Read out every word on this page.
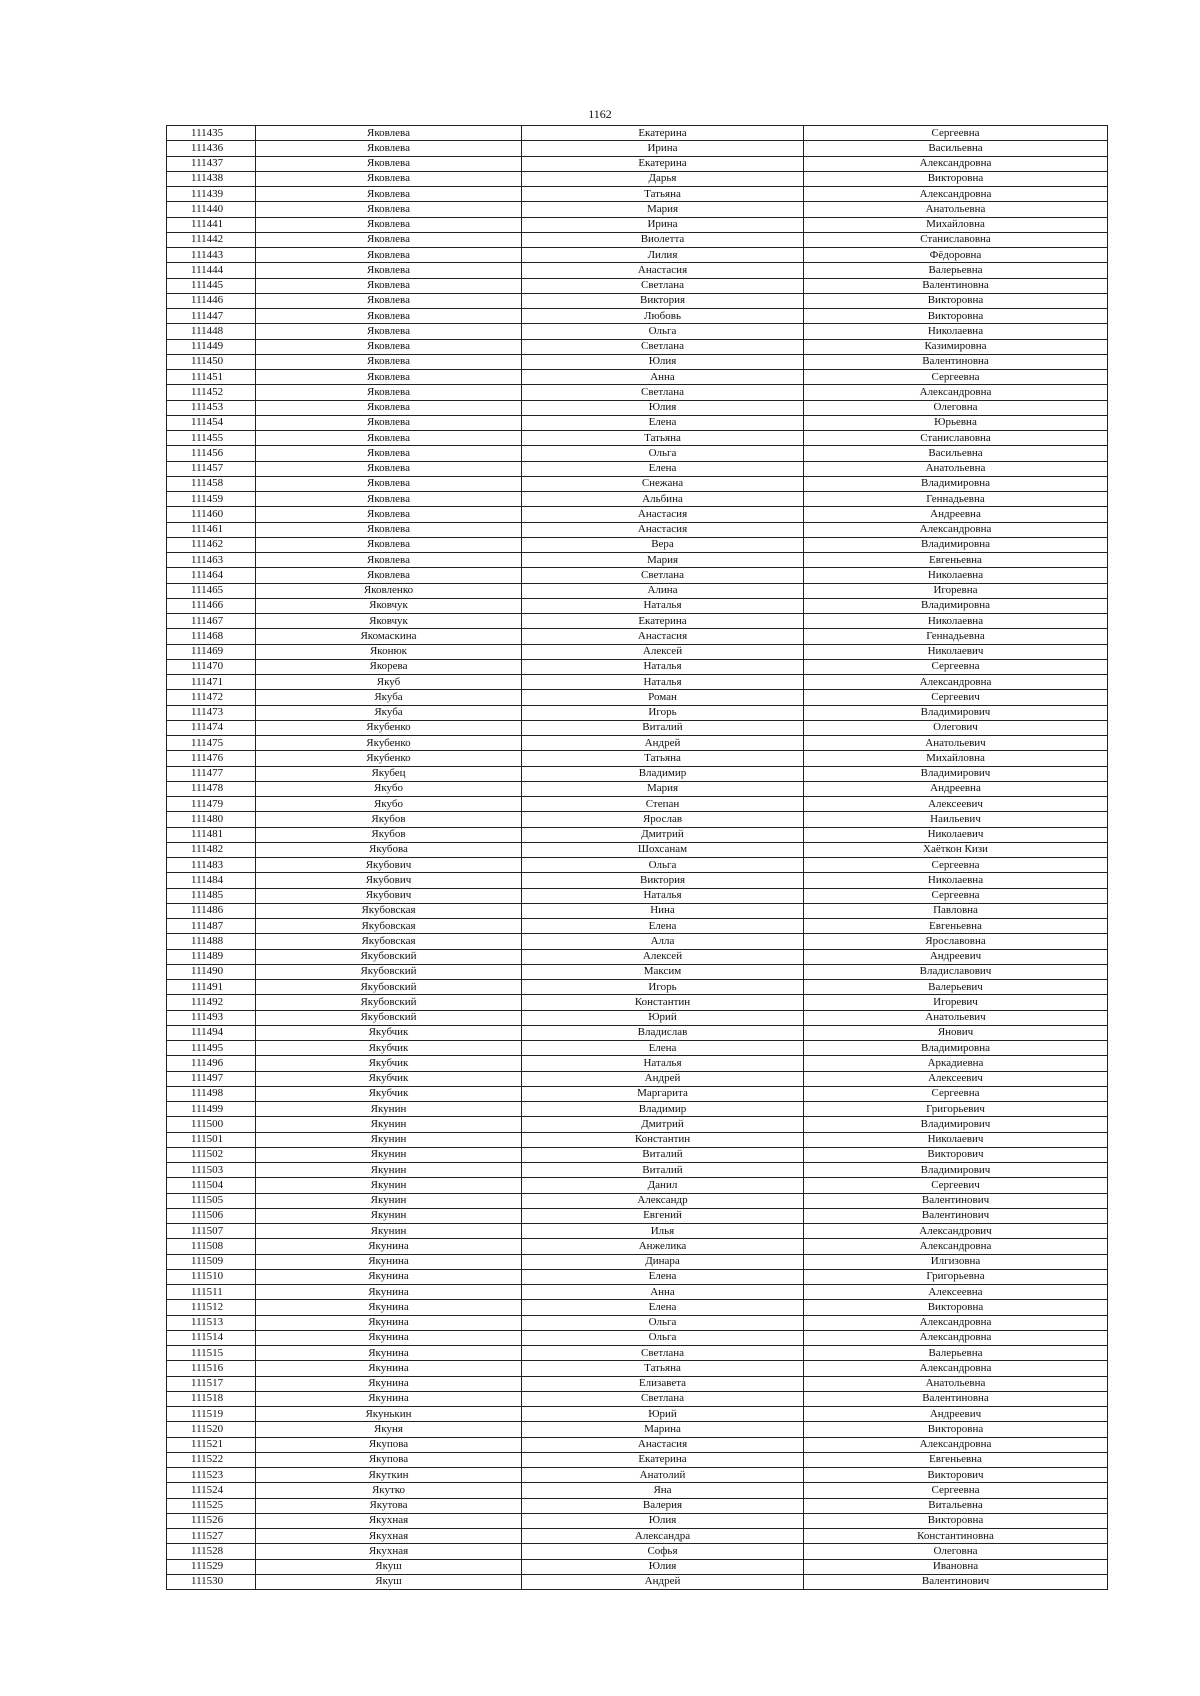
1162
111435	Яковлева	Екатерина	Сергеевна
111436	Яковлева	Ирина	Васильевна
111437	Яковлева	Екатерина	Александровна
111438	Яковлева	Дарья	Викторовна
111439	Яковлева	Татьяна	Александровна
111440	Яковлева	Мария	Анатольевна
111441	Яковлева	Ирина	Михайловна
111442	Яковлева	Виолетта	Станиславовна
111443	Яковлева	Лилия	Фёдоровна
111444	Яковлева	Анастасия	Валерьевна
111445	Яковлева	Светлана	Валентиновна
111446	Яковлева	Виктория	Викторовна
111447	Яковлева	Любовь	Викторовна
111448	Яковлева	Ольга	Николаевна
111449	Яковлева	Светлана	Казимировна
111450	Яковлева	Юлия	Валентиновна
111451	Яковлева	Анна	Сергеевна
111452	Яковлева	Светлана	Александровна
111453	Яковлева	Юлия	Олеговна
111454	Яковлева	Елена	Юрьевна
111455	Яковлева	Татьяна	Станиславовна
111456	Яковлева	Ольга	Васильевна
111457	Яковлева	Елена	Анатольевна
111458	Яковлева	Снежана	Владимировна
111459	Яковлева	Альбина	Геннадьевна
111460	Яковлева	Анастасия	Андреевна
111461	Яковлева	Анастасия	Александровна
111462	Яковлева	Вера	Владимировна
111463	Яковлева	Мария	Евгеньевна
111464	Яковлева	Светлана	Николаевна
111465	Яковленко	Алина	Игоревна
111466	Яковчук	Наталья	Владимировна
111467	Яковчук	Екатерина	Николаевна
111468	Якомаскина	Анастасия	Геннадьевна
111469	Яконюк	Алексей	Николаевич
111470	Якорева	Наталья	Сергеевна
111471	Якуб	Наталья	Александровна
111472	Якуба	Роман	Сергеевич
111473	Якуба	Игорь	Владимирович
111474	Якубенко	Виталий	Олегович
111475	Якубенко	Андрей	Анатольевич
111476	Якубенко	Татьяна	Михайловна
111477	Якубец	Владимир	Владимирович
111478	Якубо	Мария	Андреевна
111479	Якубо	Степан	Алексеевич
111480	Якубов	Ярослав	Наильевич
111481	Якубов	Дмитрий	Николаевич
111482	Якубова	Шохсанам	Хаёткон Кизи
111483	Якубович	Ольга	Сергеевна
111484	Якубович	Виктория	Николаевна
111485	Якубович	Наталья	Сергеевна
111486	Якубовская	Нина	Павловна
111487	Якубовская	Елена	Евгеньевна
111488	Якубовская	Алла	Ярославовна
111489	Якубовский	Алексей	Андреевич
111490	Якубовский	Максим	Владиславович
111491	Якубовский	Игорь	Валерьевич
111492	Якубовский	Константин	Игоревич
111493	Якубовский	Юрий	Анатольевич
111494	Якубчик	Владислав	Янович
111495	Якубчик	Елена	Владимировна
111496	Якубчик	Наталья	Аркадиевна
111497	Якубчик	Андрей	Алексеевич
111498	Якубчик	Маргарита	Сергеевна
111499	Якунин	Владимир	Григорьевич
111500	Якунин	Дмитрий	Владимирович
111501	Якунин	Константин	Николаевич
111502	Якунин	Виталий	Викторович
111503	Якунин	Виталий	Владимирович
111504	Якунин	Данил	Сергеевич
111505	Якунин	Александр	Валентинович
111506	Якунин	Евгений	Валентинович
111507	Якунин	Илья	Александрович
111508	Якунина	Анжелика	Александровна
111509	Якунина	Динара	Илгизовна
111510	Якунина	Елена	Григорьевна
111511	Якунина	Анна	Алексеевна
111512	Якунина	Елена	Викторовна
111513	Якунина	Ольга	Александровна
111514	Якунина	Ольга	Александровна
111515	Якунина	Светлана	Валерьевна
111516	Якунина	Татьяна	Александровна
111517	Якунина	Елизавета	Анатольевна
111518	Якунина	Светлана	Валентиновна
111519	Якунькин	Юрий	Андреевич
111520	Якуня	Марина	Викторовна
111521	Якупова	Анастасия	Александровна
111522	Якупова	Екатерина	Евгеньевна
111523	Якуткин	Анатолий	Викторович
111524	Якутко	Яна	Сергеевна
111525	Якутова	Валерия	Витальевна
111526	Якухная	Юлия	Викторовна
111527	Якухная	Александра	Константиновна
111528	Якухная	Софья	Олеговна
111529	Якуш	Юлия	Ивановна
111530	Якуш	Андрей	Валентинович
